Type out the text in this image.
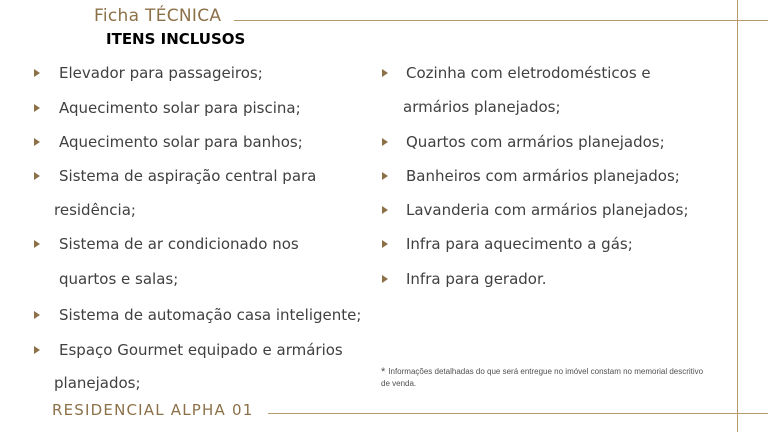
Ficha TÉCNICA
ITENS INCLUSOS
Elevador para passageiros;
Aquecimento solar para piscina;
Aquecimento solar para banhos;
Sistema de aspiração central para
residência;
Sistema de ar condicionado nos
quartos e salas;
Sistema de automação casa inteligente;
Espaço Gourmet equipado e armários
planejados;
Cozinha com eletrodomésticos e
armários planejados;
Quartos com armários planejados;
Banheiros com armários planejados;
Lavanderia com armários planejados;
Infra para aquecimento a gás;
Infra para gerador.
* Informações detalhadas do que será entregue no imóvel constam no memorial descritivo de venda.
RESIDENCIAL ALPHA 01
